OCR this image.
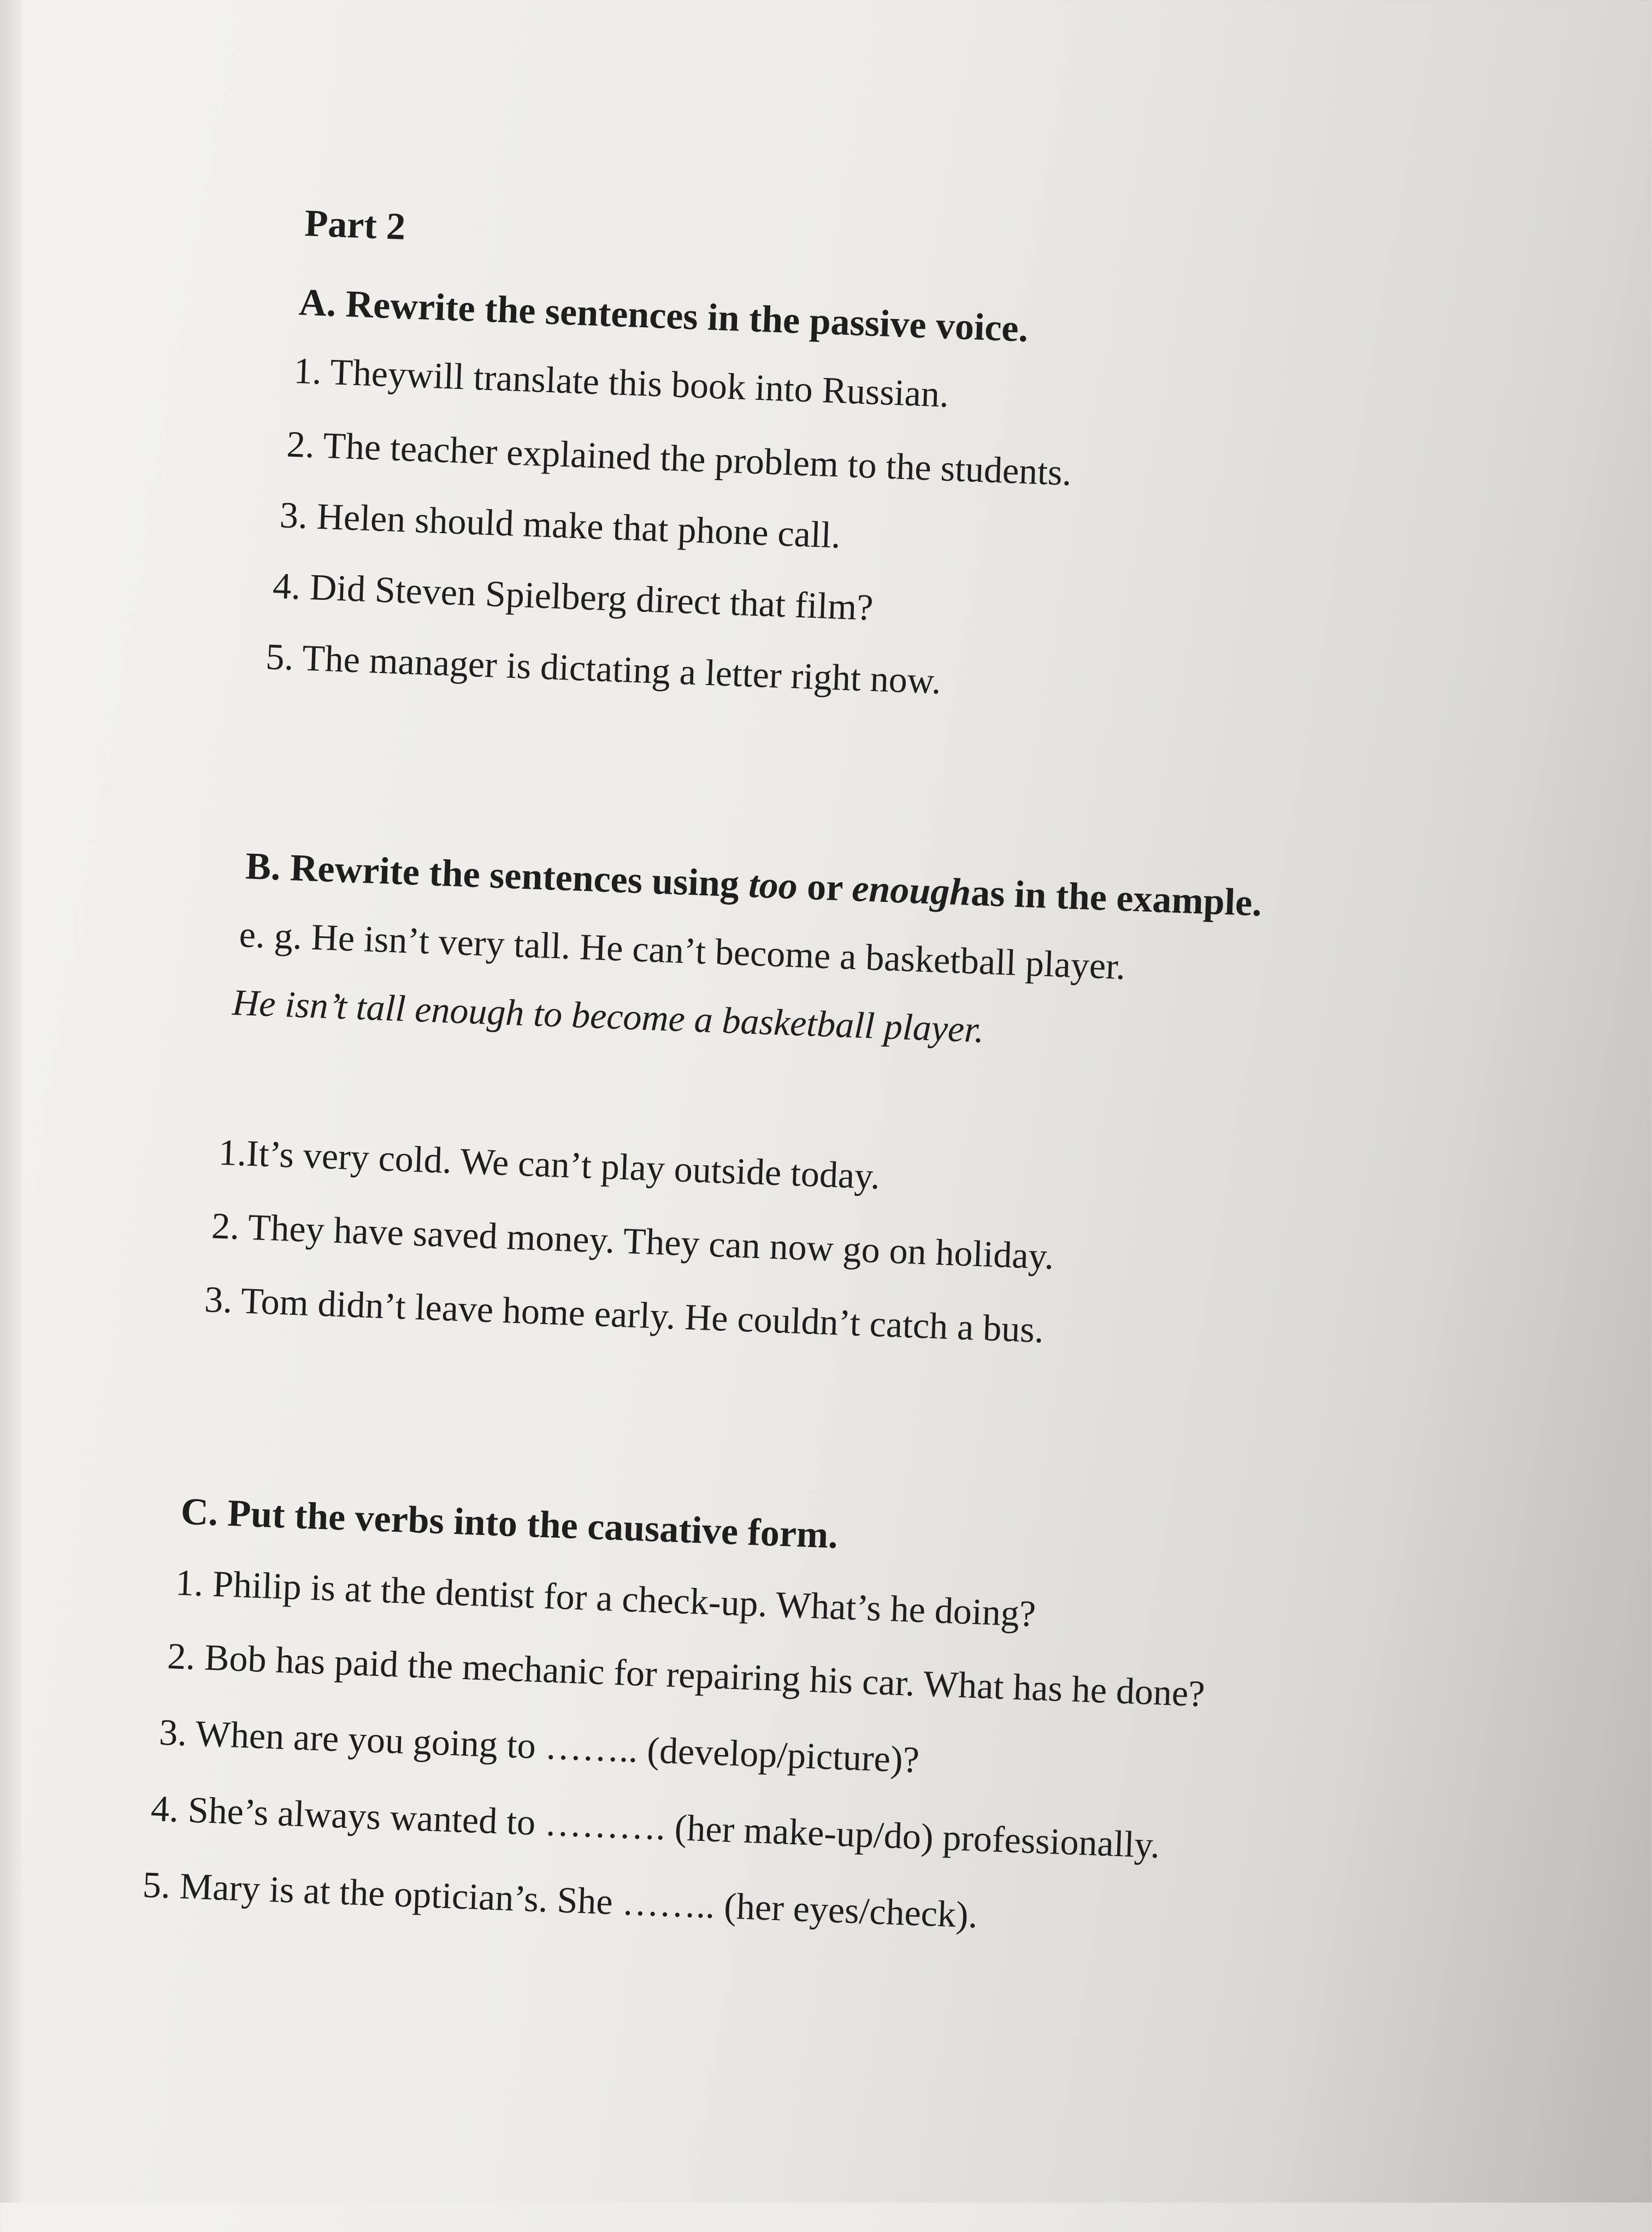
Part 2
A. Rewrite the sentences in the passive voice.
1. Theywill translate this book into Russian.
2. The teacher explained the problem to the students.
3. Helen should make that phone call.
4. Did Steven Spielberg direct that film?
5. The manager is dictating a letter right now.
B. Rewrite the sentences using too or enoughas in the example.
e. g. He isn’t very tall. He can’t become a basketball player.
He isn’t tall enough to become a basketball player.
1.It’s very cold. We can’t play outside today.
2. They have saved money. They can now go on holiday.
3. Tom didn’t leave home early. He couldn’t catch a bus.
C. Put the verbs into the causative form.
1. Philip is at the dentist for a check-up. What’s he doing?
2. Bob has paid the mechanic for repairing his car. What has he done?
3. When are you going to …….. (develop/picture)?
4. She’s always wanted to ………. (her make-up/do) professionally.
5. Mary is at the optician’s. She …….. (her eyes/check).
